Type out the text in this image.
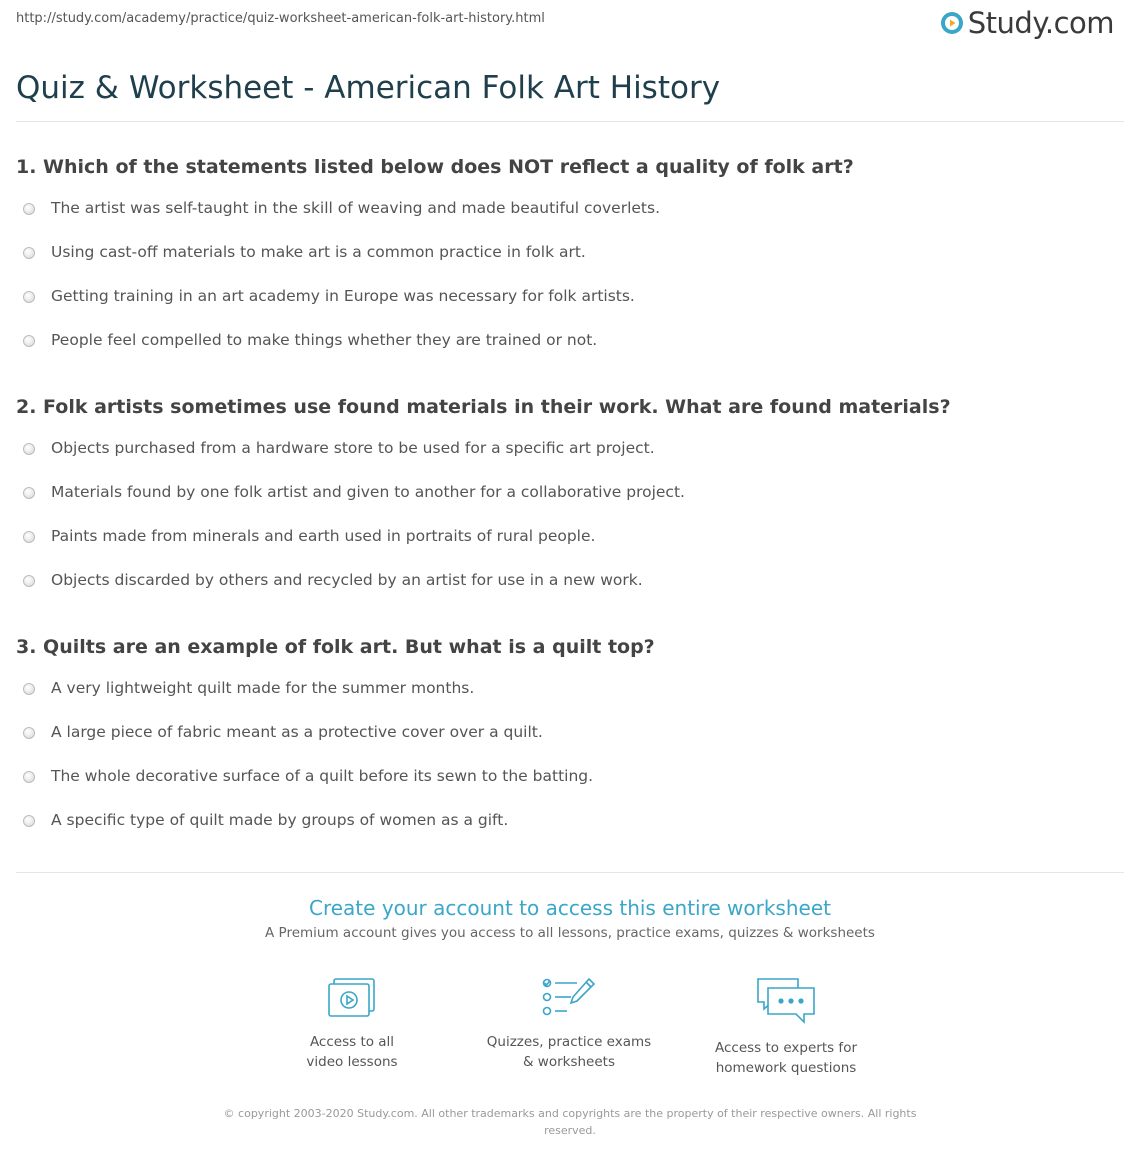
http://study.com/academy/practice/quiz-worksheet-american-folk-art-history.html	Study.com
Quiz & Worksheet - American Folk Art History
1. Which of the statements listed below does NOT reflect a quality of folk art?
The artist was self-taught in the skill of weaving and made beautiful coverlets.
Using cast-off materials to make art is a common practice in folk art.
Getting training in an art academy in Europe was necessary for folk artists.
People feel compelled to make things whether they are trained or not.
2. Folk artists sometimes use found materials in their work. What are found materials?
Objects purchased from a hardware store to be used for a specific art project.
Materials found by one folk artist and given to another for a collaborative project.
Paints made from minerals and earth used in portraits of rural people.
Objects discarded by others and recycled by an artist for use in a new work.
3. Quilts are an example of folk art. But what is a quilt top?
A very lightweight quilt made for the summer months.
A large piece of fabric meant as a protective cover over a quilt.
The whole decorative surface of a quilt before its sewn to the batting.
A specific type of quilt made by groups of women as a gift.
Create your account to access this entire worksheet
A Premium account gives you access to all lessons, practice exams, quizzes & worksheets
Access to all
video lessons
Quizzes, practice exams
& worksheets
Access to experts for
homework questions
© copyright 2003-2020 Study.com. All other trademarks and copyrights are the property of their respective owners. All rights reserved.
